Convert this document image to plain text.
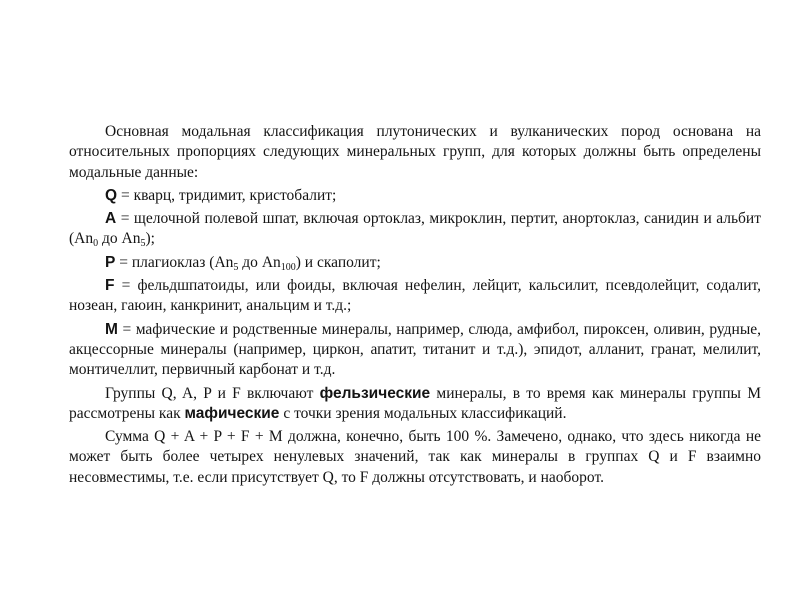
Основная модальная классификация плутонических и вулканических пород основана на относительных пропорциях следующих минеральных групп, для которых должны быть определены модальные данные:

Q = кварц, тридимит, кристобалит;

A = щелочной полевой шпат, включая ортоклаз, микроклин, пертит, анортоклаз, санидин и альбит ($An_0$ до $An_5$);

P = плагиоклаз ($An_5$ до $An_{100}$) и скаполит;

F = фельдшпатоиды, или фоиды, включая нефелин, лейцит, кальсилит, псевдолейцит, содалит, нозеан, гаюин, канкринит, анальцим и т.д.;

M = мафические и родственные минералы, например, слюда, амфибол, пироксен, оливин, рудные, акцессорные минералы (например, циркон, апатит, титанит и т.д.), эпидот, алланит, гранат, мелилит, монтичеллит, первичный карбонат и т.д.

Группы Q, A, P и F включают фельзические минералы, в то время как минералы группы M рассмотрены как мафические с точки зрения модальных классификаций.

Сумма Q + A + P + F + M должна, конечно, быть 100 %. Замечено, однако, что здесь никогда не может быть более четырех ненулевых значений, так как минералы в группах Q и F взаимно несовместимы, т.е. если присутствует Q, то F должны отсутствовать, и наоборот.
